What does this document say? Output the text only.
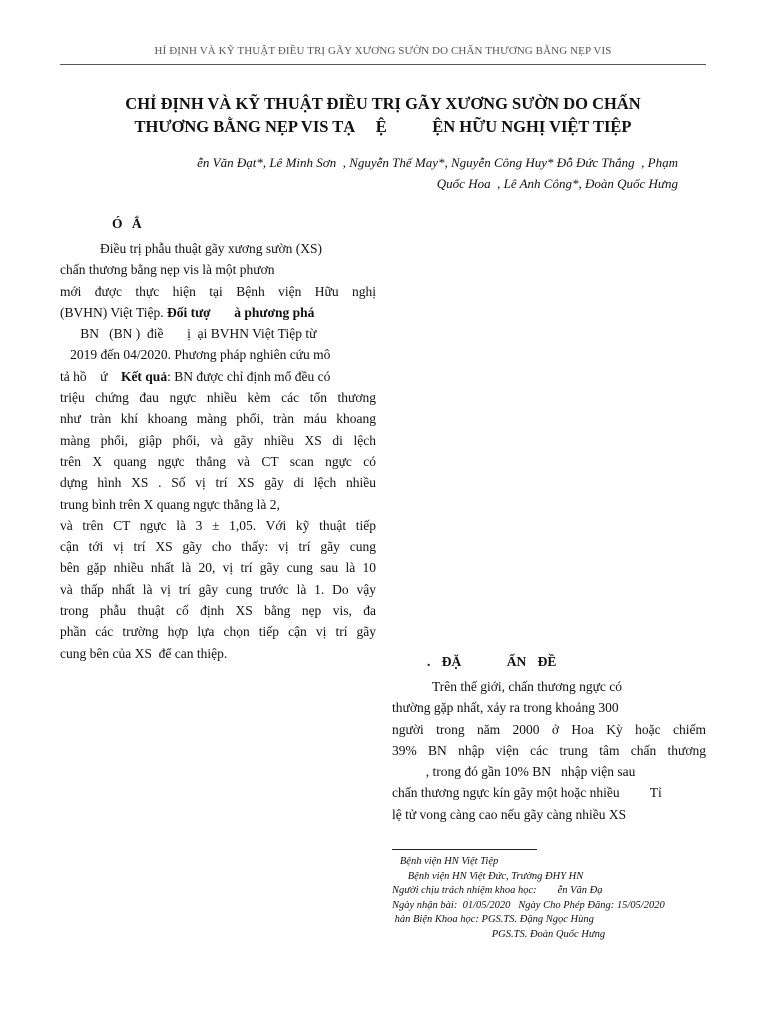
HỈ ĐỊNH VÀ KỸ THUẬT ĐIỀU TRỊ GÃY XƯƠNG SƯỜN DO CHẤN THƯƠNG BẰNG NẸP VIS
CHỈ ĐỊNH VÀ KỸ THUẬT ĐIỀU TRỊ GÃY XƯƠNG SƯỜN DO CHẤN
THƯƠNG BẰNG NẸP VIS TẠ     Ệ           ỆN HỮU NGHỊ VIỆT TIỆP
ễn Văn Đạt*, Lê Minh Sơn  , Nguyễn Thế May*, Nguyễn Công Huy* Đỗ Đức Thắng  , Phạm
Quốc Hoa  , Lê Anh Công*, Đoàn Quốc Hưng
Ó Ắ
Điều trị phẫu thuật gãy xương sườn (XS)
chấn thương bằng nẹp vis là một phươn
mới được thực hiện tại Bệnh viện Hữu nghị
(BVHN) Việt Tiệp. Đối tượ       à phương phá
BN   (BN )  điề       ị  ại BVHN Việt Tiệp từ
2019 đến 04/2020. Phương pháp nghiên cứu mô
tả hồ    ứ    Kết quả: BN được chỉ định mổ đều có
triệu chứng đau ngực nhiều kèm các tổn thương
như tràn khí khoang màng phổi, tràn máu khoang
màng phổi, giập phổi, và gãy nhiều XS di lệch
trên X quang ngực thẳng và CT scan ngực có
dựng hình XS . Số vị trí XS gãy di lệch nhiều
trung bình trên X quang ngực thẳng là 2,
và trên CT ngực là 3 ± 1,05. Với kỹ thuật tiếp
cận tới vị trí XS gãy cho thấy: vị trí gãy cung
bên gặp nhiều nhất là 20, vị trí gãy cung sau là 10
và thấp nhất là vị trí gãy cung trước là 1. Do vậy
trong phẫu thuật cố định XS bằng nẹp vis, đa
phần các trường hợp lựa chọn tiếp cận vị trí gãy
cung bên của XS  để can thiệp.
. ĐẶ    ẤN ĐỀ
Trên thế giới, chấn thương ngực có
thường gặp nhất, xảy ra trong khoảng 300
người trong năm 2000 ở Hoa Kỳ hoặc chiếm
39% BN nhập viện các trung tâm chấn thương
, trong đó gần 10% BN   nhập viện sau
chấn thương ngực kín gãy một hoặc nhiều         Tỉ
lệ tử vong càng cao nếu gãy càng nhiều XS
Bệnh viện HN Việt Tiệp
Bệnh viện HN Việt Đức, Trường ĐHY HN
Người chịu trách nhiệm khoa học:        ễn Văn Đạ
Ngày nhận bài:  01/05/2020   Ngày Cho Phép Đăng: 15/05/2020
hản Biện Khoa học: PGS.TS. Đặng Ngọc Hùng
PGS.TS. Đoàn Quốc Hưng
